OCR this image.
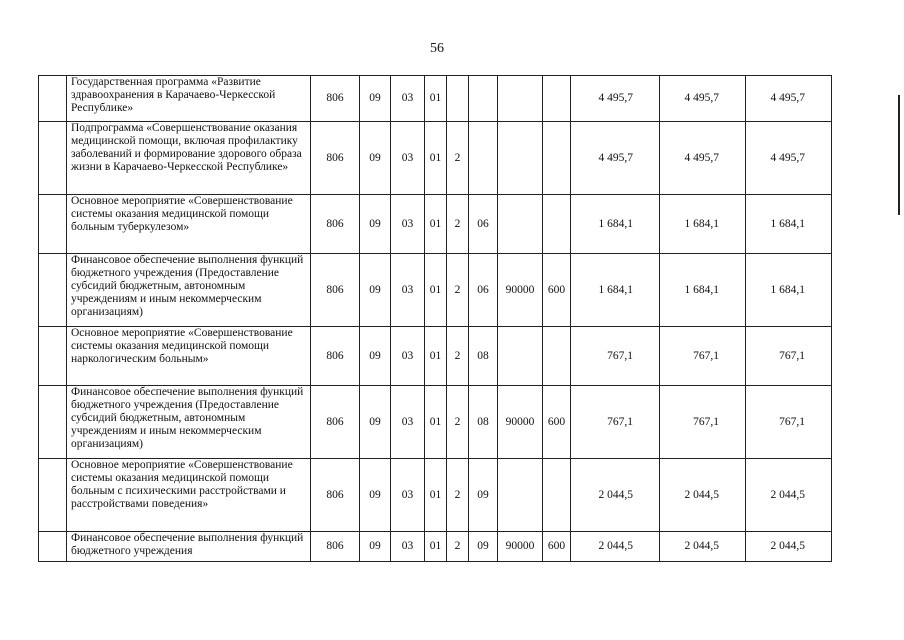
56
	Государственная программа «Развитие здравоохранения в Карачаево-Черкесской Республике»	806	09	03	01					4 495,7	4 495,7	4 495,7
	Подпрограмма «Совершенствование оказания медицинской помощи, включая профилактику заболеваний и формирование здорового образа жизни в Карачаево-Черкесской Республике»	806	09	03	01	2				4 495,7	4 495,7	4 495,7
	Основное мероприятие «Совершенствование системы оказания медицинской помощи больным туберкулезом»	806	09	03	01	2	06			1 684,1	1 684,1	1 684,1
	Финансовое обеспечение выполнения функций бюджетного учреждения (Предоставление субсидий бюджетным, автономным учреждениям и иным некоммерческим организациям)	806	09	03	01	2	06	90000	600	1 684,1	1 684,1	1 684,1
	Основное мероприятие «Совершенствование системы оказания медицинской помощи наркологическим больным»	806	09	03	01	2	08			767,1	767,1	767,1
	Финансовое обеспечение выполнения функций бюджетного учреждения (Предоставление субсидий бюджетным, автономным учреждениям и иным некоммерческим организациям)	806	09	03	01	2	08	90000	600	767,1	767,1	767,1
	Основное мероприятие «Совершенствование системы оказания медицинской помощи больным с психическими расстройствами и расстройствами поведения»	806	09	03	01	2	09			2 044,5	2 044,5	2 044,5
	Финансовое обеспечение выполнения функций бюджетного учреждения	806	09	03	01	2	09	90000	600	2 044,5	2 044,5	2 044,5
